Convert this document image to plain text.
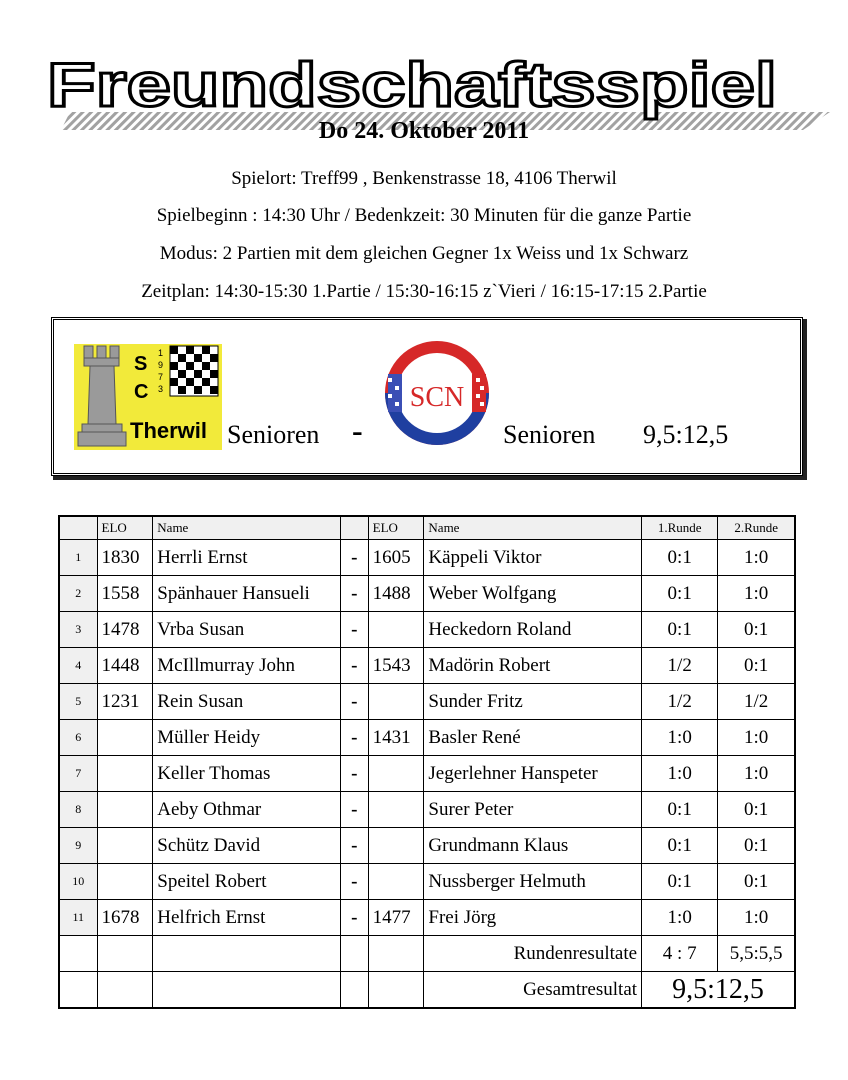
Freundschaftsspiel
Do 24. Oktober 2011
Spielort: Treff99 , Benkenstrasse 18, 4106 Therwil
Spielbeginn : 14:30 Uhr / Bedenkzeit: 30 Minuten für die ganze Partie
Modus: 2 Partien mit dem gleichen Gegner 1x Weiss und 1x Schwarz
Zeitplan: 14:30-15:30 1.Partie / 15:30-16:15 z`Vieri / 16:15-17:15 2.Partie
S
C
1
9
7
3
Therwil Senioren -
SCN
Senioren 9,5:12,5
	ELO	Name		ELO	Name	1.Runde	2.Runde
1	1830	Herrli Ernst	-	1605	Käppeli Viktor	0:1	1:0
2	1558	Spänhauer Hansueli	-	1488	Weber Wolfgang	0:1	1:0
3	1478	Vrba Susan	-		Heckedorn Roland	0:1	0:1
4	1448	McIllmurray John	-	1543	Madörin Robert	1/2	0:1
5	1231	Rein Susan	-		Sunder Fritz	1/2	1/2
6		Müller Heidy	-	1431	Basler René	1:0	1:0
7		Keller Thomas	-		Jegerlehner Hanspeter	1:0	1:0
8		Aeby Othmar	-		Surer Peter	0:1	0:1
9		Schütz David	-		Grundmann Klaus	0:1	0:1
10		Speitel Robert	-		Nussberger Helmuth	0:1	0:1
11	1678	Helfrich Ernst	-	1477	Frei Jörg	1:0	1:0
					Rundenresultate	4 : 7	5,5:5,5
					Gesamtresultat	9,5:12,5	
